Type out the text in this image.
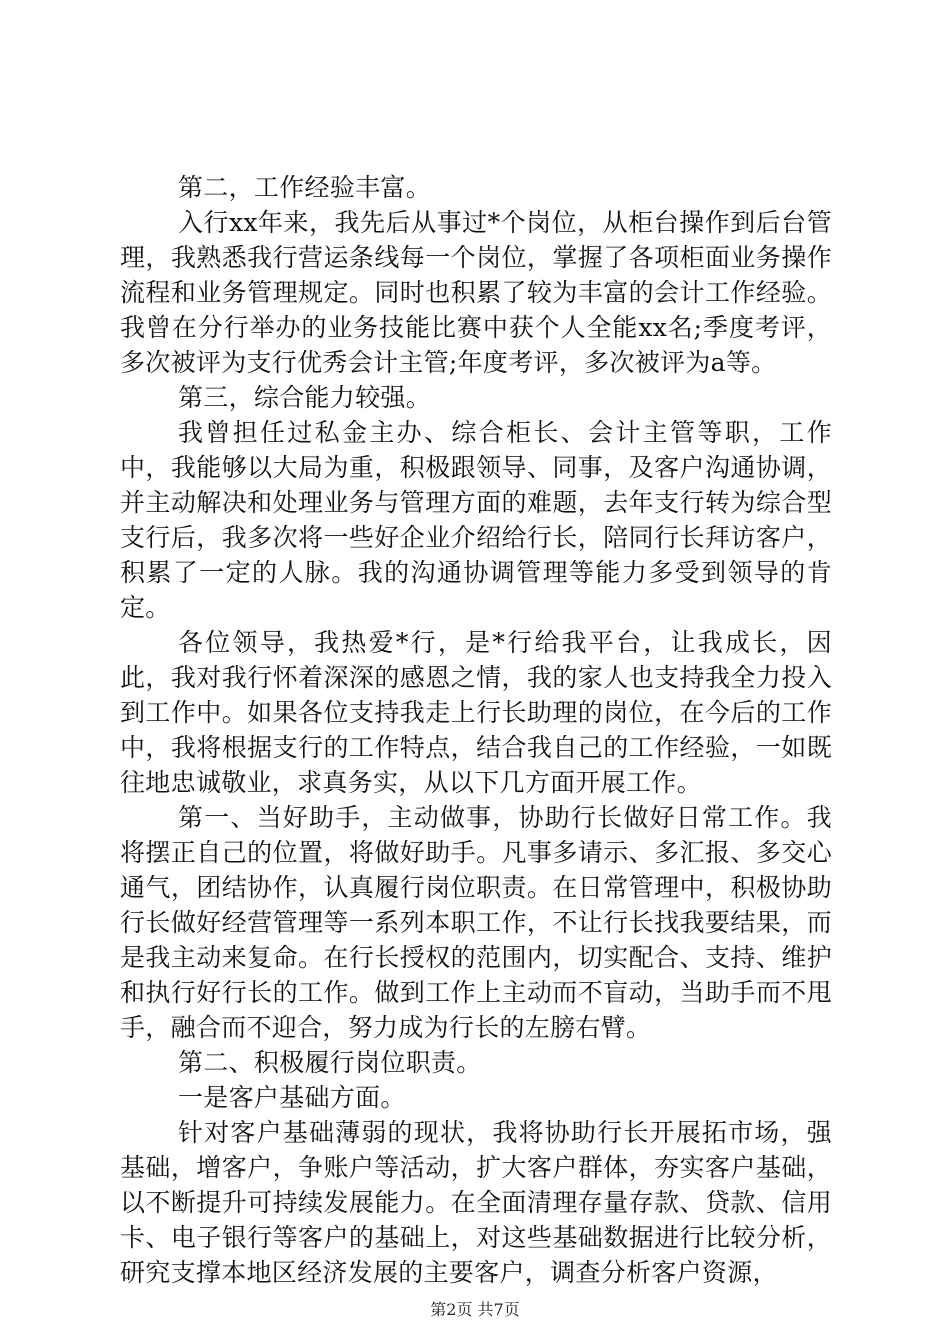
第二，工作经验丰富。

入行xx年来，我先后从事过*个岗位，从柜台操作到后台管理，我熟悉我行营运条线每一个岗位，掌握了各项柜面业务操作流程和业务管理规定。同时也积累了较为丰富的会计工作经验。我曾在分行举办的业务技能比赛中获个人全能xx名;季度考评，多次被评为支行优秀会计主管;年度考评，多次被评为a等。

第三，综合能力较强。

我曾担任过私金主办、综合柜长、会计主管等职，工作中，我能够以大局为重，积极跟领导、同事，及客户沟通协调，并主动解决和处理业务与管理方面的难题，去年支行转为综合型支行后，我多次将一些好企业介绍给行长，陪同行长拜访客户，积累了一定的人脉。我的沟通协调管理等能力多受到领导的肯定。

各位领导，我热爱*行，是*行给我平台，让我成长，因此，我对我行怀着深深的感恩之情，我的家人也支持我全力投入到工作中。如果各位支持我走上行长助理的岗位，在今后的工作中，我将根据支行的工作特点，结合我自己的工作经验，一如既往地忠诚敬业，求真务实，从以下几方面开展工作。

第一、当好助手，主动做事，协助行长做好日常工作。我将摆正自己的位置，将做好助手。凡事多请示、多汇报、多交心通气，团结协作，认真履行岗位职责。在日常管理中，积极协助行长做好经营管理等一系列本职工作，不让行长找我要结果，而是我主动来复命。在行长授权的范围内，切实配合、支持、维护和执行好行长的工作。做到工作上主动而不盲动，当助手而不甩手，融合而不迎合，努力成为行长的左膀右臂。

第二、积极履行岗位职责。

一是客户基础方面。

针对客户基础薄弱的现状，我将协助行长开展拓市场，强基础，增客户，争账户等活动，扩大客户群体，夯实客户基础，以不断提升可持续发展能力。在全面清理存量存款、贷款、信用卡、电子银行等客户的基础上，对这些基础数据进行比较分析，研究支撑本地区经济发展的主要客户，调查分析客户资源，

第2页 共7页
